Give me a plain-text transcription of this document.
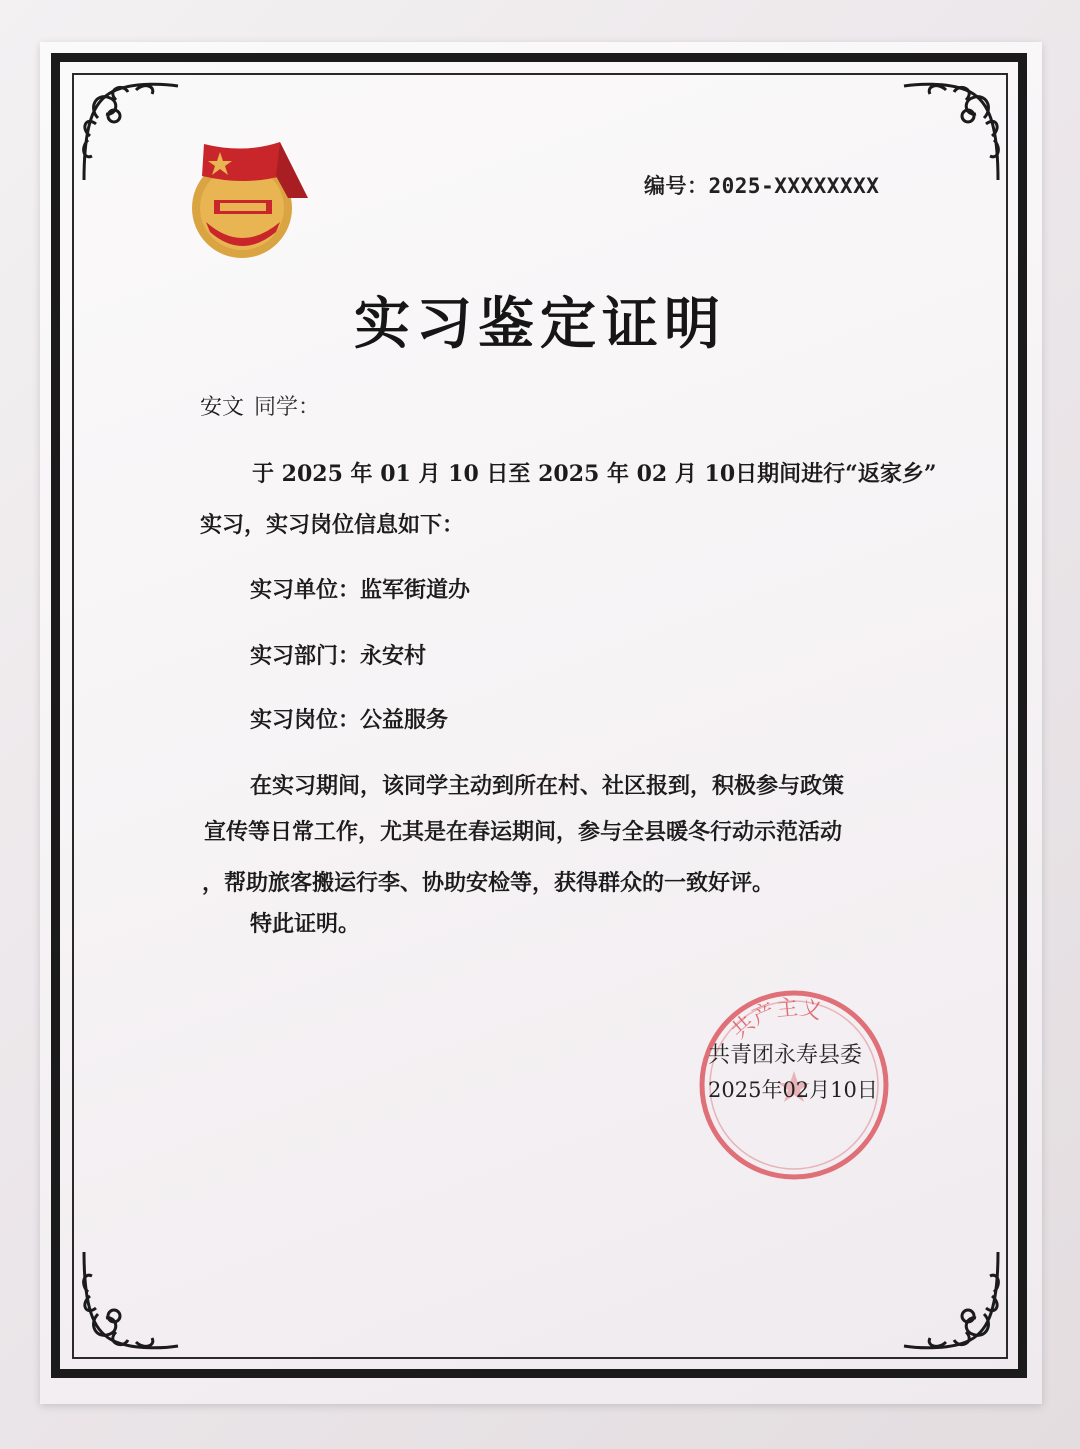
编号：2025-XXXXXXXX
实习鉴定证明
安文 同学：
于 2025 年 01 月 10 日至 2025 年 02 月 10日期间进行“返家乡”
实习，实习岗位信息如下：
实习单位：监军街道办
实习部门：永安村
实习岗位：公益服务
在实习期间，该同学主动到所在村、社区报到，积极参与政策
宣传等日常工作，尤其是在春运期间，参与全县暖冬行动示范活动
，帮助旅客搬运行李、协助安检等，获得群众的一致好评。
特此证明。
共产主义
共青团永寿县委
2025年02月10日
